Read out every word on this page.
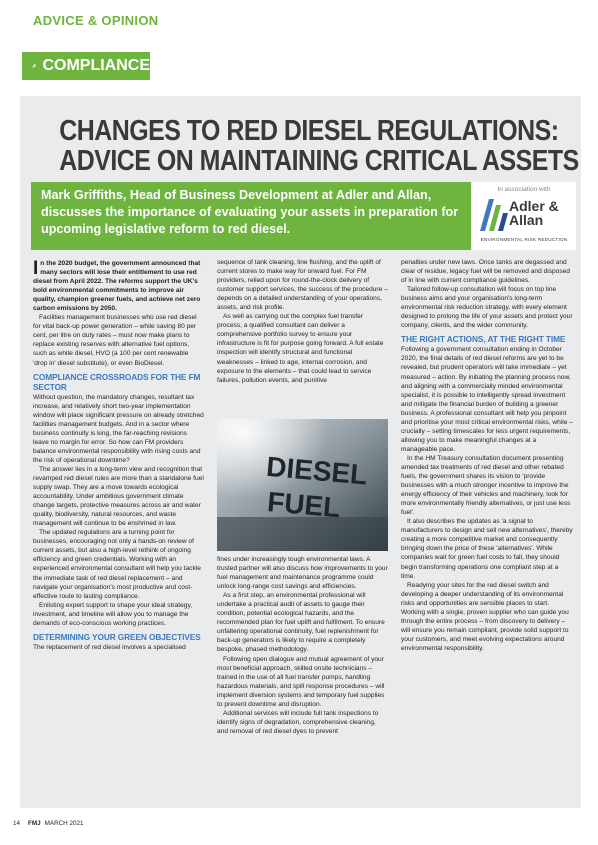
ADVICE & OPINION
COMPLIANCE
CHANGES TO RED DIESEL REGULATIONS:
ADVICE ON MAINTAINING CRITICAL ASSETS

Mark Griffiths, Head of Business Development at Adler and Allan, discusses the importance of evaluating your assets in preparation for upcoming legislative reform to red diesel.

In association with
Adler &
Allan
ENVIRONMENTAL RISK REDUCTION

In the 2020 budget, the government announced that many sectors will lose their entitlement to use red diesel from April 2022. The reforms support the UK's bold environmental commitments to improve air quality, champion greener fuels, and achieve net zero carbon emissions by 2050.

Facilities management businesses who use red diesel for vital back-up power generation – while saving 80 per cent, per litre on duty rates – must now make plans to replace existing reserves with alternative fuel options, such as white diesel, HVO (a 100 per cent renewable 'drop in' diesel substitute), or even BioDiesel.

COMPLIANCE CROSSROADS FOR THE FM SECTOR

Without question, the mandatory changes, resultant tax increase, and relatively short two-year implementation window will place significant pressure on already stretched facilities management budgets. And in a sector where business continuity is king, the far-reaching revisions leave no margin for error. So how can FM providers balance environmental responsibility with rising costs and the risk of operational downtime?

The answer lies in a long-term view and recognition that revamped red diesel rules are more than a standalone fuel supply swap. They are a move towards ecological accountability. Under ambitious government climate change targets, protective measures across air and water quality, biodiversity, natural resources, and waste management will continue to be enshrined in law.

The updated regulations are a turning point for businesses, encouraging not only a hands-on review of current assets, but also a high-level rethink of ongoing efficiency and green credentials. Working with an experienced environmental consultant will help you tackle the immediate task of red diesel replacement – and navigate your organisation's most productive and cost-effective route to lasting compliance.

Enlisting expert support to shape your ideal strategy, investment, and timeline will allow you to manage the demands of eco-conscious working practices.

DETERMINING YOUR GREEN OBJECTIVES

The replacement of red diesel involves a specialised

sequence of tank cleaning, line flushing, and the uplift of current stores to make way for onward fuel. For FM providers, relied upon for round-the-clock delivery of customer support services, the success of the procedure – depends on a detailed understanding of your operations, assets, and risk profile.

As well as carrying out the complex fuel transfer process, a qualified consultant can deliver a comprehensive portfolio survey to ensure your infrastructure is fit for purpose going forward. A full estate inspection will identify structural and functional weaknesses – linked to age, internal corrosion, and exposure to the elements – that could lead to service failures, pollution events, and punitive

DIESEL
FUEL

fines under increasingly tough environmental laws. A trusted partner will also discuss how improvements to your fuel management and maintenance programme could unlock long-range cost savings and efficiencies.

As a first step, an environmental professional will undertake a practical audit of assets to gauge their condition, potential ecological hazards, and the recommended plan for fuel uplift and fulfilment. To ensure unfaltering operational continuity, fuel replenishment for back-up generators is likely to require a completely bespoke, phased methodology.

Following open dialogue and mutual agreement of your most beneficial approach, skilled onsite technicians – trained in the use of all fuel transfer pumps, handling hazardous materials, and spill response procedures – will implement diversion systems and temporary fuel supplies to prevent downtime and disruption.

Additional services will include full tank inspections to identify signs of degradation, comprehensive cleaning, and removal of red diesel dyes to prevent

penalties under new laws. Once tanks are degassed and clear of residue, legacy fuel will be removed and disposed of in line with current compliance guidelines.

Tailored follow-up consultation will focus on top line business aims and your organisation's long-term environmental risk reduction strategy, with every element designed to prolong the life of your assets and protect your company, clients, and the wider community.

THE RIGHT ACTIONS, AT THE RIGHT TIME

Following a government consultation ending in October 2020, the final details of red diesel reforms are yet to be revealed, but prudent operators will take immediate – yet measured – action. By initiating the planning process now, and aligning with a commercially minded environmental specialist, it is possible to intelligently spread investment and mitigate the financial burden of building a greener business. A professional consultant will help you pinpoint and prioritise your most critical environmental risks, while – crucially – setting timescales for less urgent requirements, allowing you to make meaningful changes at a manageable pace.

In the HM Treasury consultation document presenting amended tax treatments of red diesel and other rebated fuels, the government shares its vision to 'provide businesses with a much stronger incentive to improve the energy efficiency of their vehicles and machinery, look for more environmentally friendly alternatives, or just use less fuel'.

It also describes the updates as 'a signal to manufacturers to design and sell new alternatives', thereby creating a more competitive market and consequently bringing down the price of these 'alternatives'. While companies wait for green fuel costs to fall, they should begin transforming operations one compliant step at a time.

Readying your sites for the red diesel switch and developing a deeper understanding of its environmental risks and opportunities are sensible places to start. Working with a single, proven supplier who can guide you through the entire process – from discovery to delivery – will ensure you remain compliant, provide solid support to your customers, and meet evolving expectations around environmental responsibility.

14 FMJ MARCH 2021
